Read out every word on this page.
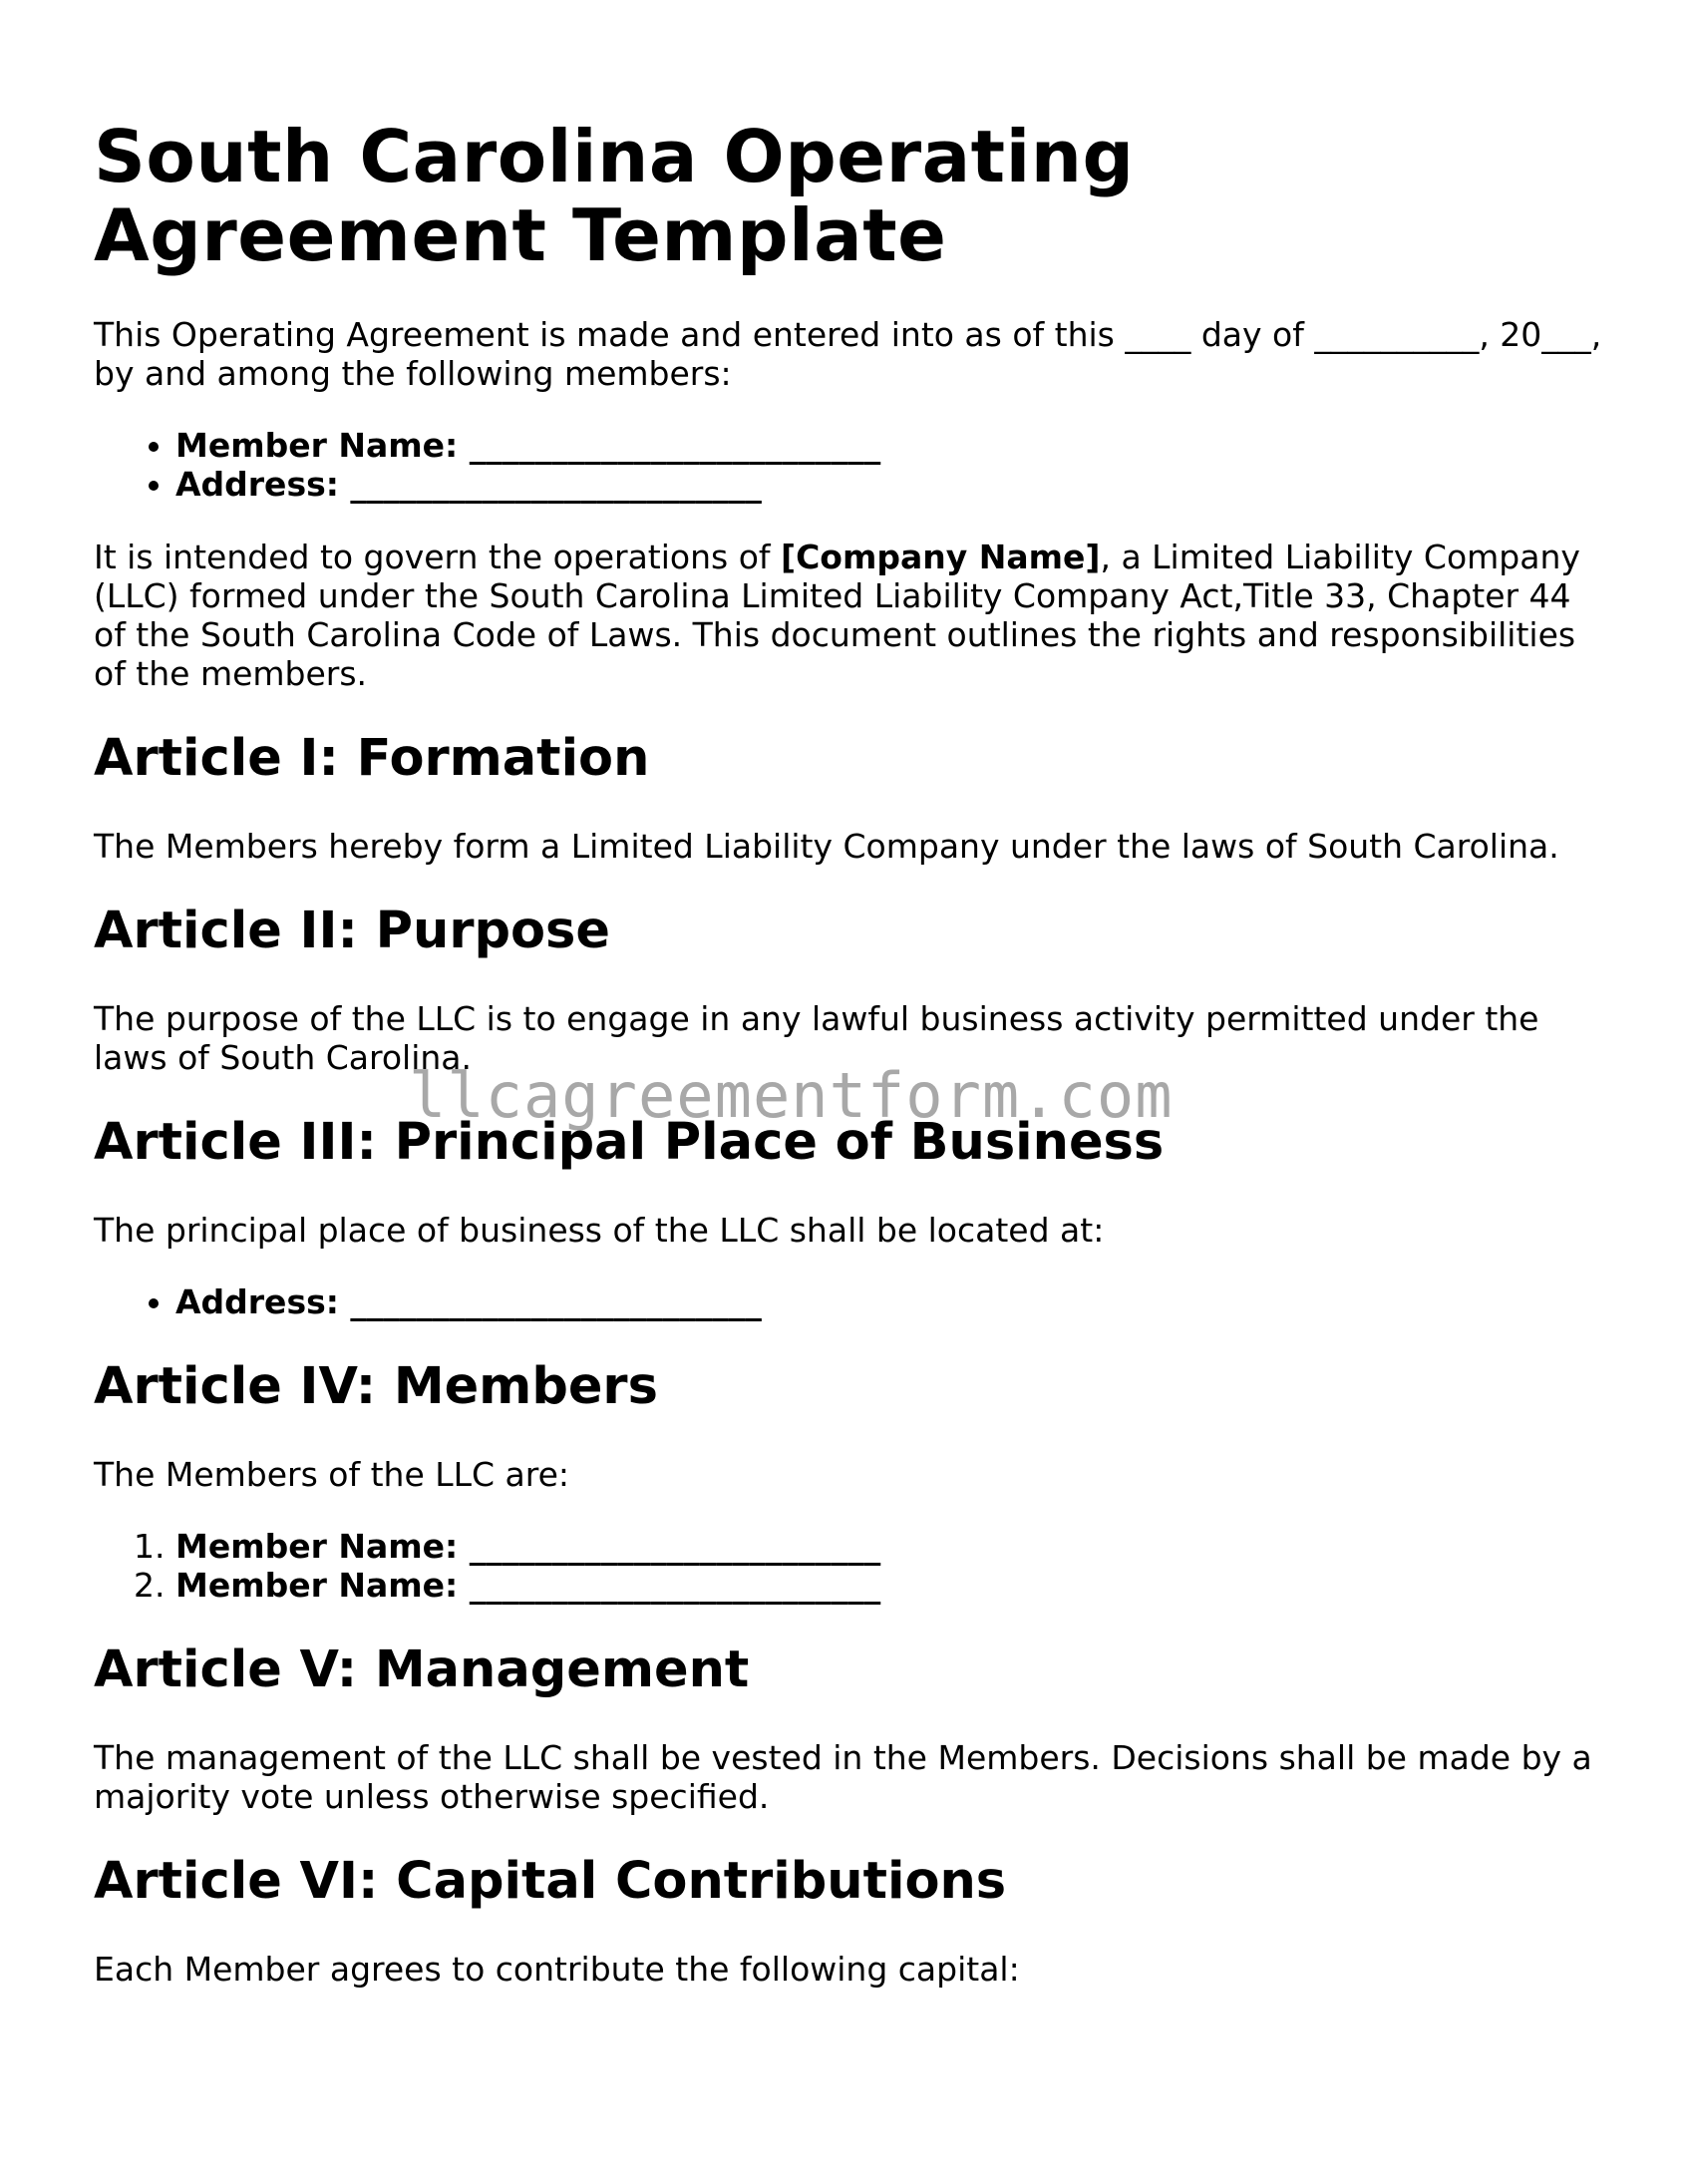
South Carolina Operating Agreement Template

This Operating Agreement is made and entered into as of this ____ day of __________, 20___, by and among the following members:

• Member Name: _________________________
• Address: _________________________

It is intended to govern the operations of [Company Name], a Limited Liability Company (LLC) formed under the South Carolina Limited Liability Company Act,Title 33, Chapter 44 of the South Carolina Code of Laws. This document outlines the rights and responsibilities of the members.

Article I: Formation

The Members hereby form a Limited Liability Company under the laws of South Carolina.

Article II: Purpose

The purpose of the LLC is to engage in any lawful business activity permitted under the laws of South Carolina.

Article III: Principal Place of Business

The principal place of business of the LLC shall be located at:

• Address: _________________________
Article IV: Members

The Members of the LLC are:

1. Member Name: _________________________
2. Member Name: _________________________
Article V: Management

The management of the LLC shall be vested in the Members. Decisions shall be made by a majority vote unless otherwise specified.

Article VI: Capital Contributions

Each Member agrees to contribute the following capital:

llcagreementform.com
